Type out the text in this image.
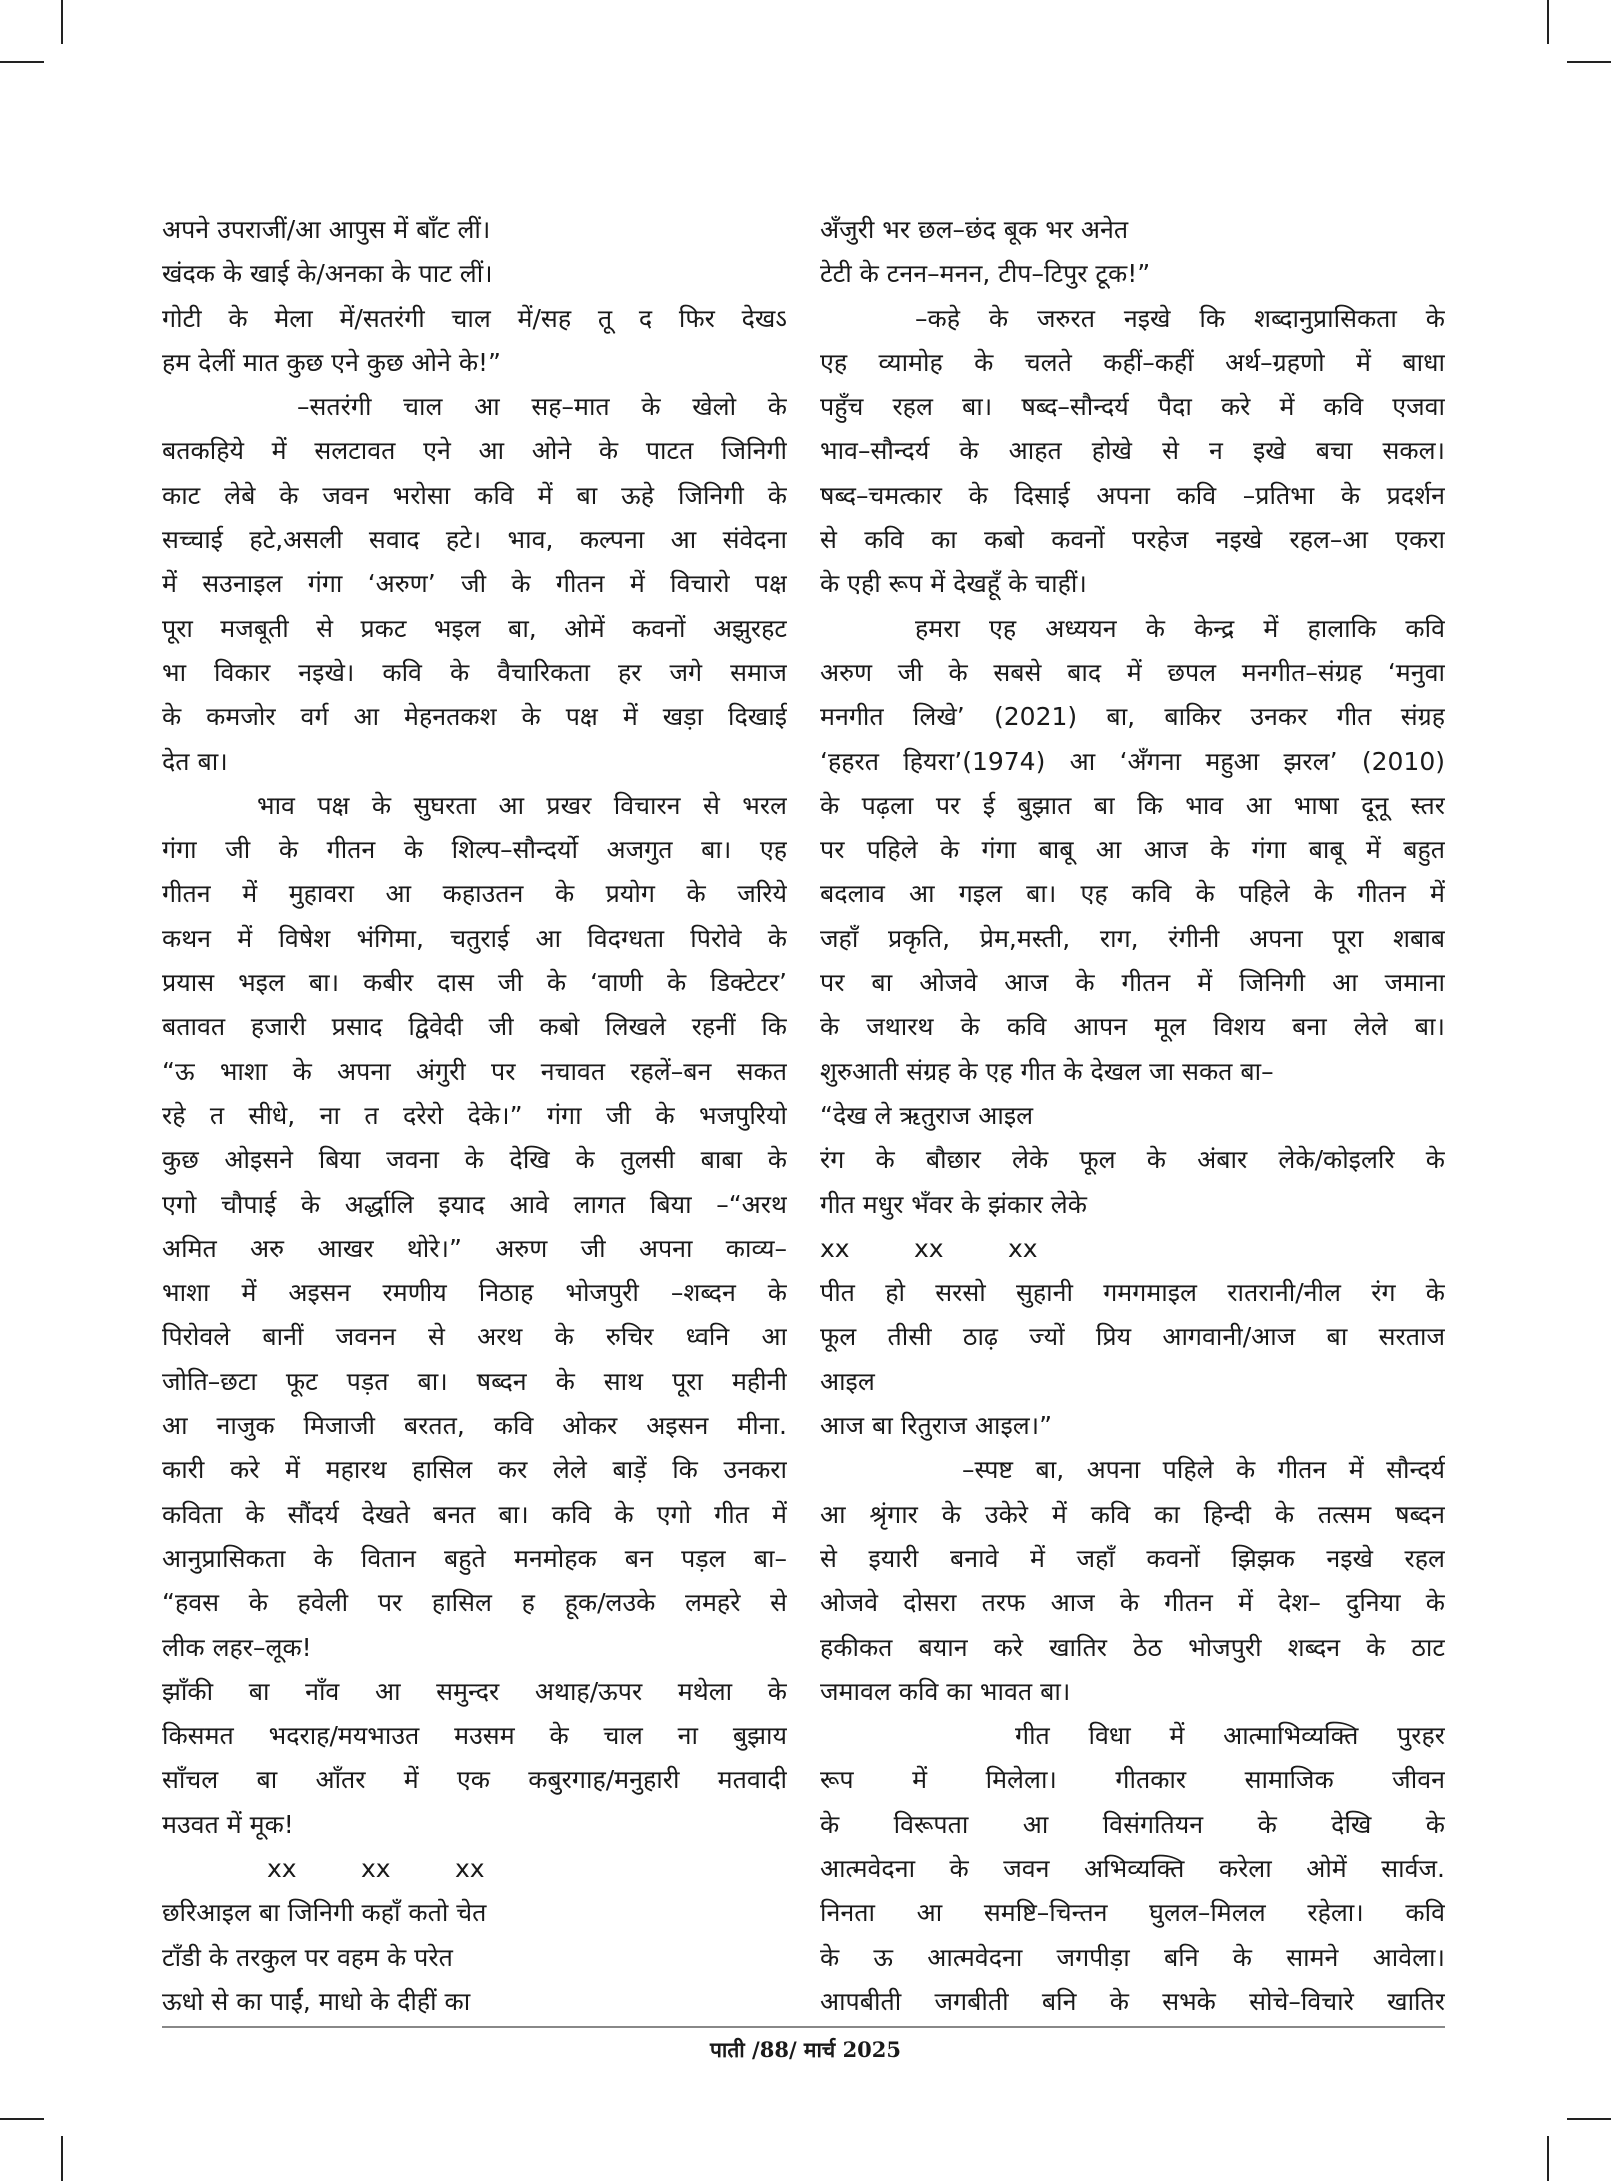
अपने उपराजीं/आ आपुस में बाँट लीं।
खंदक के खाई के/अनका के पाट लीं।
गोटी के मेला में/सतरंगी चाल में/सह तू द फिर देखऽ
हम देलीं मात कुछ एने कुछ ओने के!”
–सतरंगी चाल आ सह–मात के खेलो के
बतकहिये में सलटावत एने आ ओने के पाटत जिनिगी
काट लेबे के जवन भरोसा कवि में बा ऊहे जिनिगी के
सच्चाई हटे,असली सवाद हटे। भाव, कल्पना आ संवेदना
में सउनाइल गंगा ‘अरुण’ जी के गीतन में विचारो पक्ष
पूरा मजबूती से प्रकट भइल बा, ओमें कवनों अझुरहट
भा विकार नइखे। कवि के वैचारिकता हर जगे समाज
के कमजोर वर्ग आ मेहनतकश के पक्ष में खड़ा दिखाई
देत बा।
भाव पक्ष के सुघरता आ प्रखर विचारन से भरल
गंगा जी के गीतन के शिल्प–सौन्दर्यो अजगुत बा। एह
गीतन में मुहावरा आ कहाउतन के प्रयोग के जरिये
कथन में विषेश भंगिमा, चतुराई आ विदग्धता पिरोवे के
प्रयास भइल बा। कबीर दास जी के ‘वाणी के डिक्टेटर’
बतावत हजारी प्रसाद द्विवेदी जी कबो लिखले रहनीं कि
“ऊ भाशा के अपना अंगुरी पर नचावत रहलें–बन सकत
रहे त सीधे, ना त दरेरो देके।” गंगा जी के भजपुरियो
कुछ ओइसने बिया जवना के देखि के तुलसी बाबा के
एगो चौपाई के अर्द्धालि इयाद आवे लागत बिया –“अरथ
अमित अरु आखर थोरे।” अरुण जी अपना काव्य–
भाशा में अइसन रमणीय निठाह भोजपुरी –शब्दन के
पिरोवले बानीं जवनन से अरथ के रुचिर ध्वनि आ
जोति–छटा फूट पड़त बा। षब्दन के साथ पूरा महीनी
आ नाजुक मिजाजी बरतत, कवि ओकर अइसन मीना.
कारी करे में महारथ हासिल कर लेले बाड़ें कि उनकरा
कविता के सौंदर्य देखते बनत बा। कवि के एगो गीत में
आनुप्रासिकता के वितान बहुते मनमोहक बन पड़ल बा–
“हवस के हवेली पर हासिल ह हूक/लउके लमहरे से
लीक लहर–लूक!
झाँकी बा नाँव आ समुन्दर अथाह/ऊपर मथेला के
किसमत भदराह/मयभाउत मउसम के चाल ना बुझाय
साँचल बा आँतर में एक कबुरगाह/मनुहारी मतवादी
मउवत में मूक!
xx	xx	xx
छरिआइल बा जिनिगी कहाँ कतो चेत
टाँडी के तरकुल पर वहम के परेत
ऊधो से का पाईं, माधो के दीहीं का
अँजुरी भर छल–छंद बूक भर अनेत
टेटी के टनन–मनन, टीप–टिपुर टूक!”
–कहे के जरुरत नइखे कि शब्दानुप्रासिकता के
एह व्यामोह के चलते कहीं–कहीं अर्थ–ग्रहणो में बाधा
पहुँच रहल बा। षब्द–सौन्दर्य पैदा करे में कवि एजवा
भाव–सौन्दर्य के आहत होखे से न इखे बचा सकल।
षब्द–चमत्कार के दिसाई अपना कवि –प्रतिभा के प्रदर्शन
से कवि का कबो कवनों परहेज नइखे रहल–आ एकरा
के एही रूप में देखहूँ के चाहीं।
हमरा एह अध्ययन के केन्द्र में हालाकि कवि
अरुण जी के सबसे बाद में छपल मनगीत–संग्रह ‘मनुवा
मनगीत लिखे’ (2021) बा, बाकिर उनकर गीत संग्रह
‘हहरत हियरा’(1974) आ ‘अँगना महुआ झरल’ (2010)
के पढ़ला पर ई बुझात बा कि भाव आ भाषा दूनू स्तर
पर पहिले के गंगा बाबू आ आज के गंगा बाबू में बहुत
बदलाव आ गइल बा। एह कवि के पहिले के गीतन में
जहाँ प्रकृति, प्रेम,मस्ती, राग, रंगीनी अपना पूरा शबाब
पर बा ओजवे आज के गीतन में जिनिगी आ जमाना
के जथारथ के कवि आपन मूल विशय बना लेले बा।
शुरुआती संग्रह के एह गीत के देखल जा सकत बा–
“देख ले ऋतुराज आइल
रंग के बौछार लेके फूल के अंबार लेके/कोइलरि के
गीत मधुर भँवर के झंकार लेके
xx	xx	xx
पीत हो सरसो सुहानी गमगमाइल रातरानी/नील रंग के
फूल तीसी ठाढ़ ज्यों प्रिय आगवानी/आज बा सरताज
आइल
आज बा रितुराज आइल।”
–स्पष्ट बा, अपना पहिले के गीतन में सौन्दर्य
आ श्रृंगार के उकेरे में कवि का हिन्दी के तत्सम षब्दन
से इयारी बनावे में जहाँ कवनों झिझक नइखे रहल
ओजवे दोसरा तरफ आज के गीतन में देश– दुनिया के
हकीकत बयान करे खातिर ठेठ भोजपुरी शब्दन के ठाट
जमावल कवि का भावत बा।
गीत विधा में आत्माभिव्यक्ति पुरहर
रूप में मिलेला। गीतकार सामाजिक जीवन
के विरूपता आ विसंगतियन के देखि के
आत्मवेदना के जवन अभिव्यक्ति करेला ओमें सार्वज.
निनता आ समष्टि–चिन्तन घुलल–मिलल रहेला। कवि
के ऊ आत्मवेदना जगपीड़ा बनि के सामने आवेला।
आपबीती जगबीती बनि के सभके सोचे–विचारे खातिर
पाती /88/ मार्च 2025
